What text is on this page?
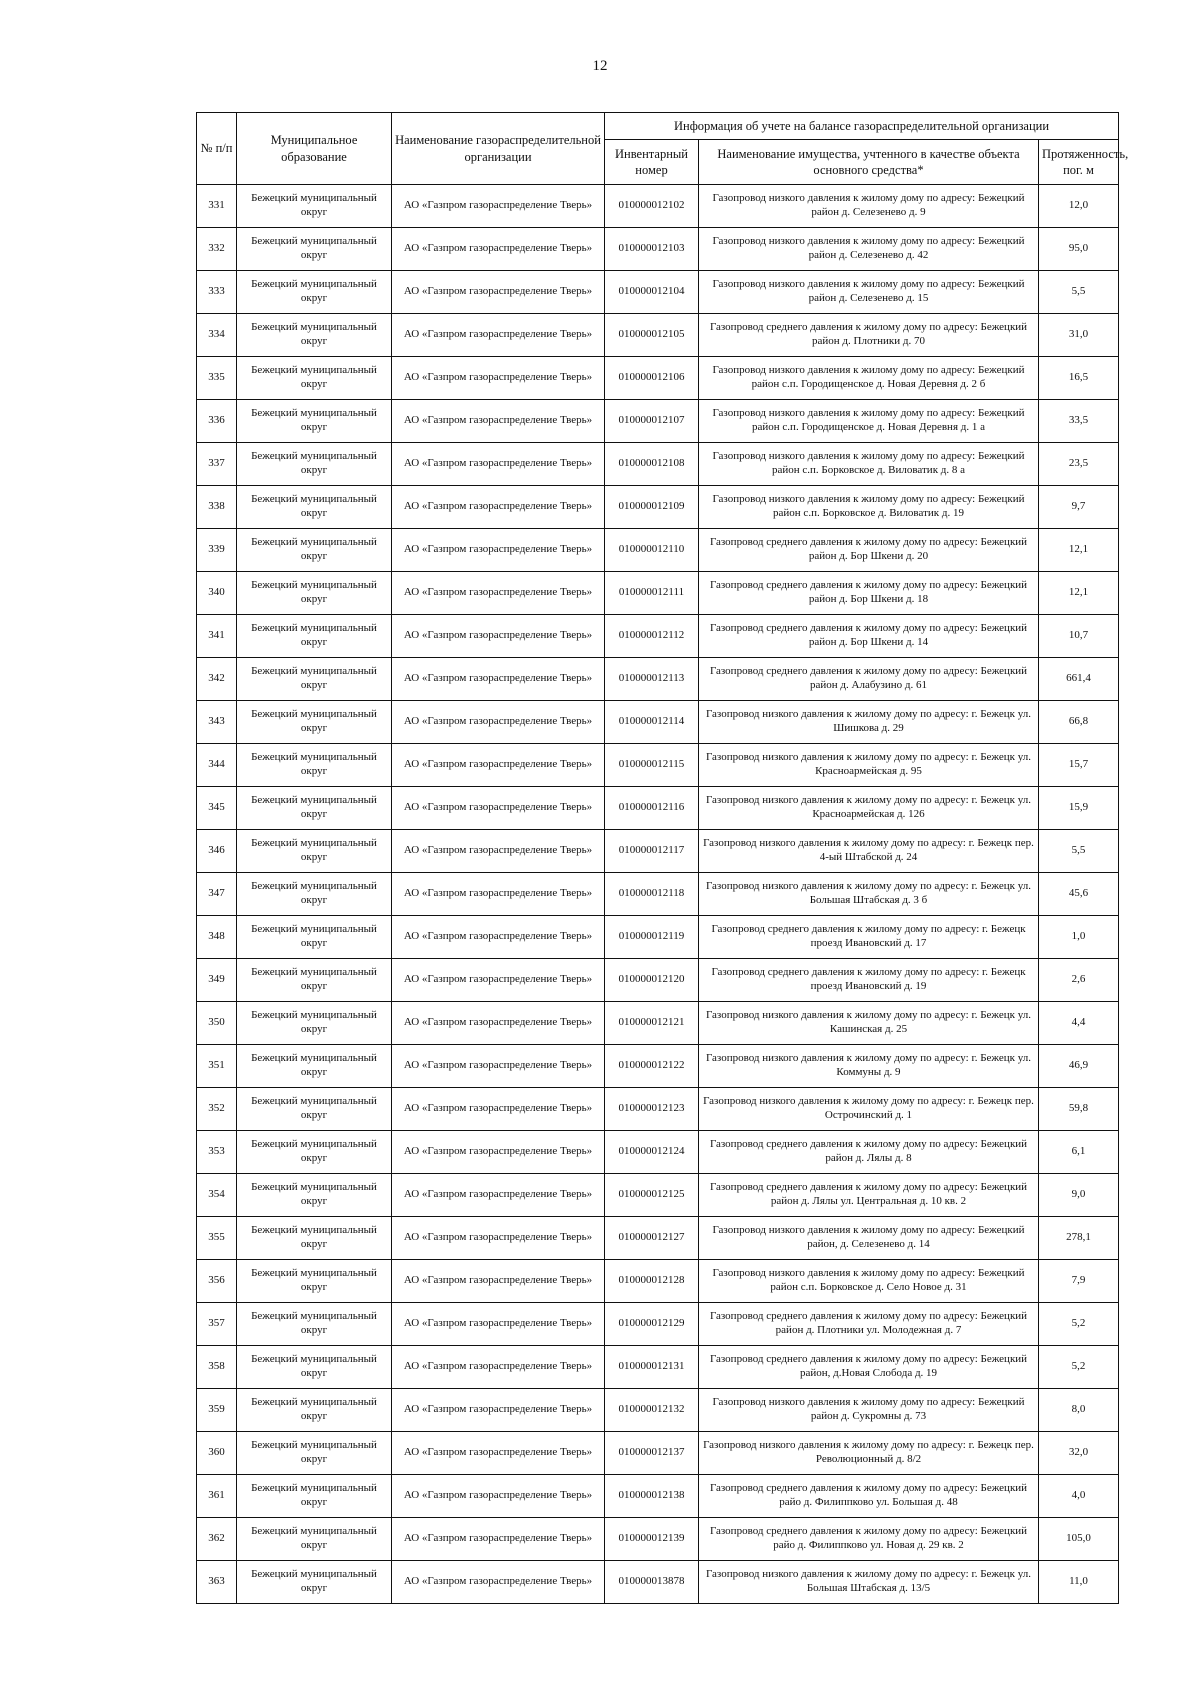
12
№ п/п	Муниципальное образование	Наименование газораспределительной организации	Информация об учете на балансе газораспределительной организации		
			Инвентарный номер	Наименование имущества, учтенного в качестве объекта основного средства*	Протяженность, пог. м
331	Бежецкий муниципальный округ	АО «Газпром газораспределение Тверь»	010000012102	Газопровод низкого давления к жилому дому по адресу: Бежецкий район д. Селезенево д. 9	12,0
332	Бежецкий муниципальный округ	АО «Газпром газораспределение Тверь»	010000012103	Газопровод низкого давления к жилому дому по адресу: Бежецкий район д. Селезенево д. 42	95,0
333	Бежецкий муниципальный округ	АО «Газпром газораспределение Тверь»	010000012104	Газопровод низкого давления к жилому дому по адресу: Бежецкий район д. Селезенево д. 15	5,5
334	Бежецкий муниципальный округ	АО «Газпром газораспределение Тверь»	010000012105	Газопровод среднего давления к жилому дому по адресу: Бежецкий район д. Плотники д. 70	31,0
335	Бежецкий муниципальный округ	АО «Газпром газораспределение Тверь»	010000012106	Газопровод низкого давления к жилому дому по адресу: Бежецкий район с.п. Городищенское д. Новая Деревня д. 2 б	16,5
336	Бежецкий муниципальный округ	АО «Газпром газораспределение Тверь»	010000012107	Газопровод низкого давления к жилому дому по адресу: Бежецкий район с.п. Городищенское д. Новая Деревня д. 1 а	33,5
337	Бежецкий муниципальный округ	АО «Газпром газораспределение Тверь»	010000012108	Газопровод низкого давления к жилому дому по адресу: Бежецкий район с.п. Борковское д. Виловатик д. 8 а	23,5
338	Бежецкий муниципальный округ	АО «Газпром газораспределение Тверь»	010000012109	Газопровод низкого давления к жилому дому по адресу: Бежецкий район с.п. Борковское д. Виловатик д. 19	9,7
339	Бежецкий муниципальный округ	АО «Газпром газораспределение Тверь»	010000012110	Газопровод среднего давления к жилому дому по адресу: Бежецкий район д. Бор Шкени д. 20	12,1
340	Бежецкий муниципальный округ	АО «Газпром газораспределение Тверь»	010000012111	Газопровод среднего давления к жилому дому по адресу: Бежецкий район д. Бор Шкени д. 18	12,1
341	Бежецкий муниципальный округ	АО «Газпром газораспределение Тверь»	010000012112	Газопровод среднего давления к жилому дому по адресу: Бежецкий район д. Бор Шкени д. 14	10,7
342	Бежецкий муниципальный округ	АО «Газпром газораспределение Тверь»	010000012113	Газопровод среднего давления к жилому дому по адресу: Бежецкий район д. Алабузино д. 61	661,4
343	Бежецкий муниципальный округ	АО «Газпром газораспределение Тверь»	010000012114	Газопровод низкого давления к жилому дому по адресу: г. Бежецк ул. Шишкова д. 29	66,8
344	Бежецкий муниципальный округ	АО «Газпром газораспределение Тверь»	010000012115	Газопровод низкого давления к жилому дому по адресу: г. Бежецк ул. Красноармейская д. 95	15,7
345	Бежецкий муниципальный округ	АО «Газпром газораспределение Тверь»	010000012116	Газопровод низкого давления к жилому дому по адресу: г. Бежецк ул. Красноармейская д. 126	15,9
346	Бежецкий муниципальный округ	АО «Газпром газораспределение Тверь»	010000012117	Газопровод низкого давления к жилому дому по адресу: г. Бежецк пер. 4-ый Штабской д. 24	5,5
347	Бежецкий муниципальный округ	АО «Газпром газораспределение Тверь»	010000012118	Газопровод низкого давления к жилому дому по адресу: г. Бежецк ул. Большая Штабская д. 3 б	45,6
348	Бежецкий муниципальный округ	АО «Газпром газораспределение Тверь»	010000012119	Газопровод среднего давления к жилому дому по адресу: г. Бежецк проезд Ивановский д. 17	1,0
349	Бежецкий муниципальный округ	АО «Газпром газораспределение Тверь»	010000012120	Газопровод среднего давления к жилому дому по адресу: г. Бежецк проезд Ивановский д. 19	2,6
350	Бежецкий муниципальный округ	АО «Газпром газораспределение Тверь»	010000012121	Газопровод низкого давления к жилому дому по адресу: г. Бежецк ул. Кашинская д. 25	4,4
351	Бежецкий муниципальный округ	АО «Газпром газораспределение Тверь»	010000012122	Газопровод низкого давления к жилому дому по адресу: г. Бежецк ул. Коммуны д. 9	46,9
352	Бежецкий муниципальный округ	АО «Газпром газораспределение Тверь»	010000012123	Газопровод низкого давления к жилому дому по адресу: г. Бежецк пер. Острочинский д. 1	59,8
353	Бежецкий муниципальный округ	АО «Газпром газораспределение Тверь»	010000012124	Газопровод среднего давления к жилому дому по адресу: Бежецкий район д. Лялы д. 8	6,1
354	Бежецкий муниципальный округ	АО «Газпром газораспределение Тверь»	010000012125	Газопровод среднего давления к жилому дому по адресу: Бежецкий район д. Лялы ул. Центральная д. 10 кв. 2	9,0
355	Бежецкий муниципальный округ	АО «Газпром газораспределение Тверь»	010000012127	Газопровод низкого давления к жилому дому по адресу: Бежецкий район, д. Селезенево д. 14	278,1
356	Бежецкий муниципальный округ	АО «Газпром газораспределение Тверь»	010000012128	Газопровод низкого давления к жилому дому по адресу: Бежецкий район с.п. Борковское д. Село Новое д. 31	7,9
357	Бежецкий муниципальный округ	АО «Газпром газораспределение Тверь»	010000012129	Газопровод среднего давления к жилому дому по адресу: Бежецкий район д. Плотники ул. Молодежная д. 7	5,2
358	Бежецкий муниципальный округ	АО «Газпром газораспределение Тверь»	010000012131	Газопровод среднего давления к жилому дому по адресу: Бежецкий район, д.Новая Слобода д. 19	5,2
359	Бежецкий муниципальный округ	АО «Газпром газораспределение Тверь»	010000012132	Газопровод низкого давления к жилому дому по адресу: Бежецкий район д. Сукромны д. 73	8,0
360	Бежецкий муниципальный округ	АО «Газпром газораспределение Тверь»	010000012137	Газопровод низкого давления к жилому дому по адресу: г. Бежецк пер. Революционный д. 8/2	32,0
361	Бежецкий муниципальный округ	АО «Газпром газораспределение Тверь»	010000012138	Газопровод среднего давления к жилому дому по адресу: Бежецкий райо д. Филиппково ул. Большая д. 48	4,0
362	Бежецкий муниципальный округ	АО «Газпром газораспределение Тверь»	010000012139	Газопровод среднего давления к жилому дому по адресу: Бежецкий райо д. Филиппково ул. Новая д. 29 кв. 2	105,0
363	Бежецкий муниципальный округ	АО «Газпром газораспределение Тверь»	010000013878	Газопровод низкого давления к жилому дому по адресу: г. Бежецк ул. Большая Штабская д. 13/5	11,0
